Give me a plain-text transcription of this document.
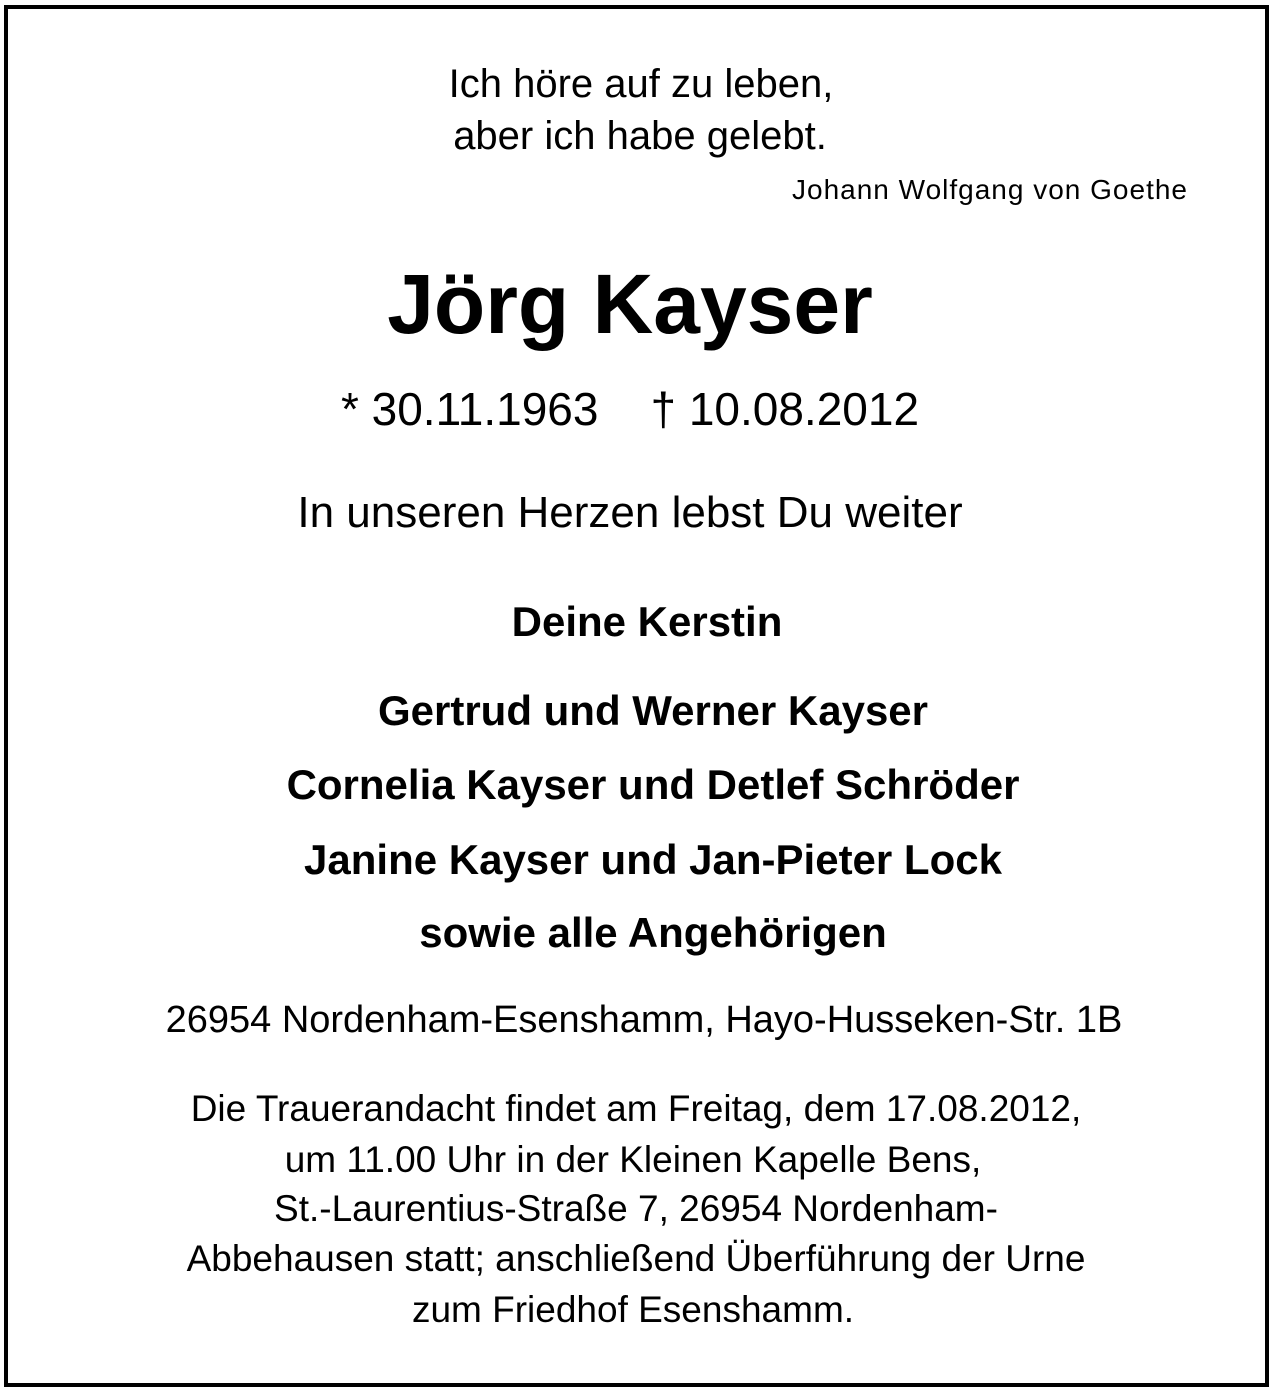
Ich höre auf zu leben,
aber ich habe gelebt.
Johann Wolfgang von Goethe
Jörg Kayser
* 30.11.1963 † 10.08.2012
In unseren Herzen lebst Du weiter
Deine Kerstin
Gertrud und Werner Kayser
Cornelia Kayser und Detlef Schröder
Janine Kayser und Jan-Pieter Lock
sowie alle Angehörigen
26954 Nordenham-Esenshamm, Hayo-Husseken-Str. 1B
Die Trauerandacht findet am Freitag, dem 17.08.2012,
um 11.00 Uhr in der Kleinen Kapelle Bens,
St.-Laurentius-Straße 7, 26954 Nordenham-
Abbehausen statt; anschließend Überführung der Urne
zum Friedhof Esenshamm.
